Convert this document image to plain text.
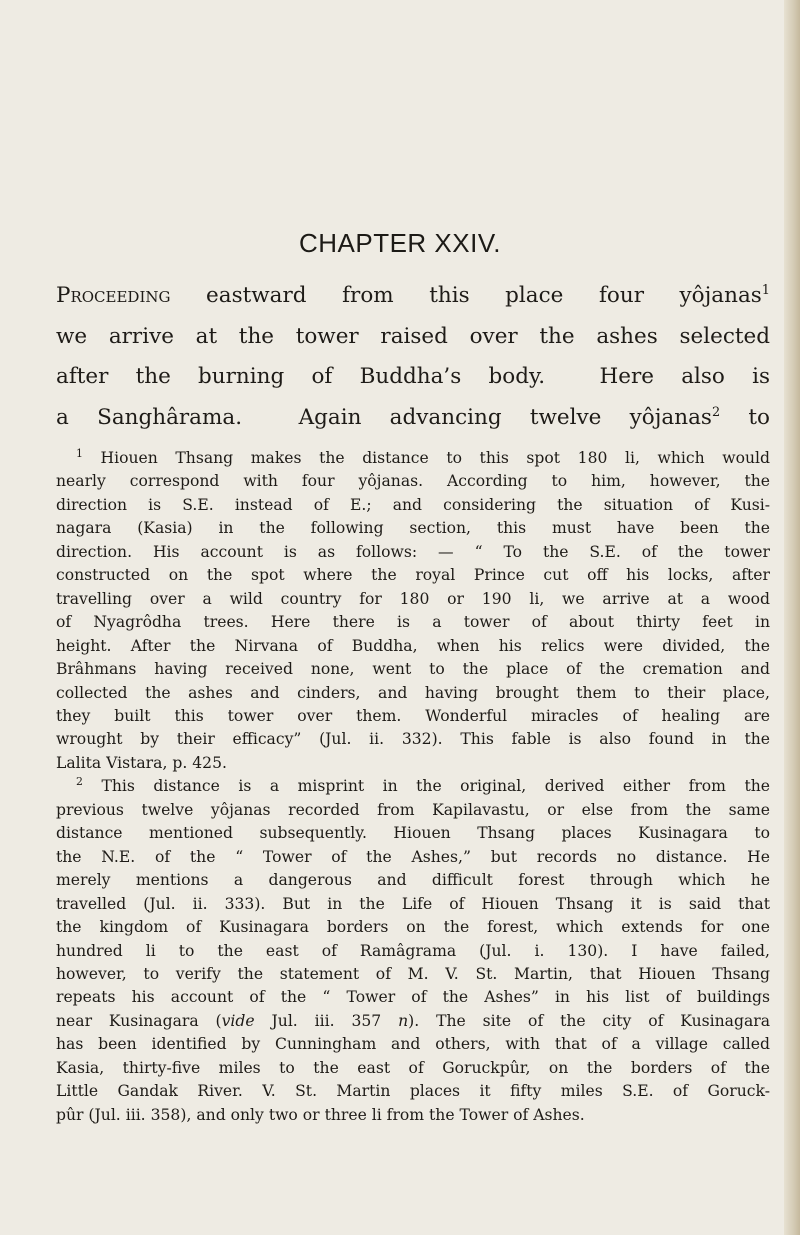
CHAPTER XXIV.
Proceeding eastward from this place four yôjanas$^1$
we arrive at the tower raised over the ashes selected
after the burning of Buddha’s body.  Here also is
a Sanghârama.  Again advancing twelve yôjanas$^2$ to
$^1$ Hiouen Thsang makes the distance to this spot 180 li, which would
nearly correspond with four yôjanas. According to him, however, the
direction is S.E. instead of E.; and considering the situation of Kusi-
nagara (Kasia) in the following section, this must have been the
direction. His account is as follows: — “ To the S.E. of the tower
constructed on the spot where the royal Prince cut off his locks, after
travelling over a wild country for 180 or 190 li, we arrive at a wood
of Nyagrôdha trees. Here there is a tower of about thirty feet in
height. After the Nirvana of Buddha, when his relics were divided, the
Brâhmans having received none, went to the place of the cremation and
collected the ashes and cinders, and having brought them to their place,
they built this tower over them. Wonderful miracles of healing are
wrought by their efficacy” (Jul. ii. 332). This fable is also found in the
Lalita Vistara, p. 425.
$^2$ This distance is a misprint in the original, derived either from the
previous twelve yôjanas recorded from Kapilavastu, or else from the same
distance mentioned subsequently. Hiouen Thsang places Kusinagara to
the N.E. of the “ Tower of the Ashes,” but records no distance. He
merely mentions a dangerous and difficult forest through which he
travelled (Jul. ii. 333). But in the Life of Hiouen Thsang it is said that
the kingdom of Kusinagara borders on the forest, which extends for one
hundred li to the east of Ramâgrama (Jul. i. 130). I have failed,
however, to verify the statement of M. V. St. Martin, that Hiouen Thsang
repeats his account of the “ Tower of the Ashes” in his list of buildings
near Kusinagara (vide Jul. iii. 357 n). The site of the city of Kusinagara
has been identified by Cunningham and others, with that of a village called
Kasia, thirty-five miles to the east of Goruckpûr, on the borders of the
Little Gandak River. V. St. Martin places it fifty miles S.E. of Goruck-
pûr (Jul. iii. 358), and only two or three li from the Tower of Ashes.
